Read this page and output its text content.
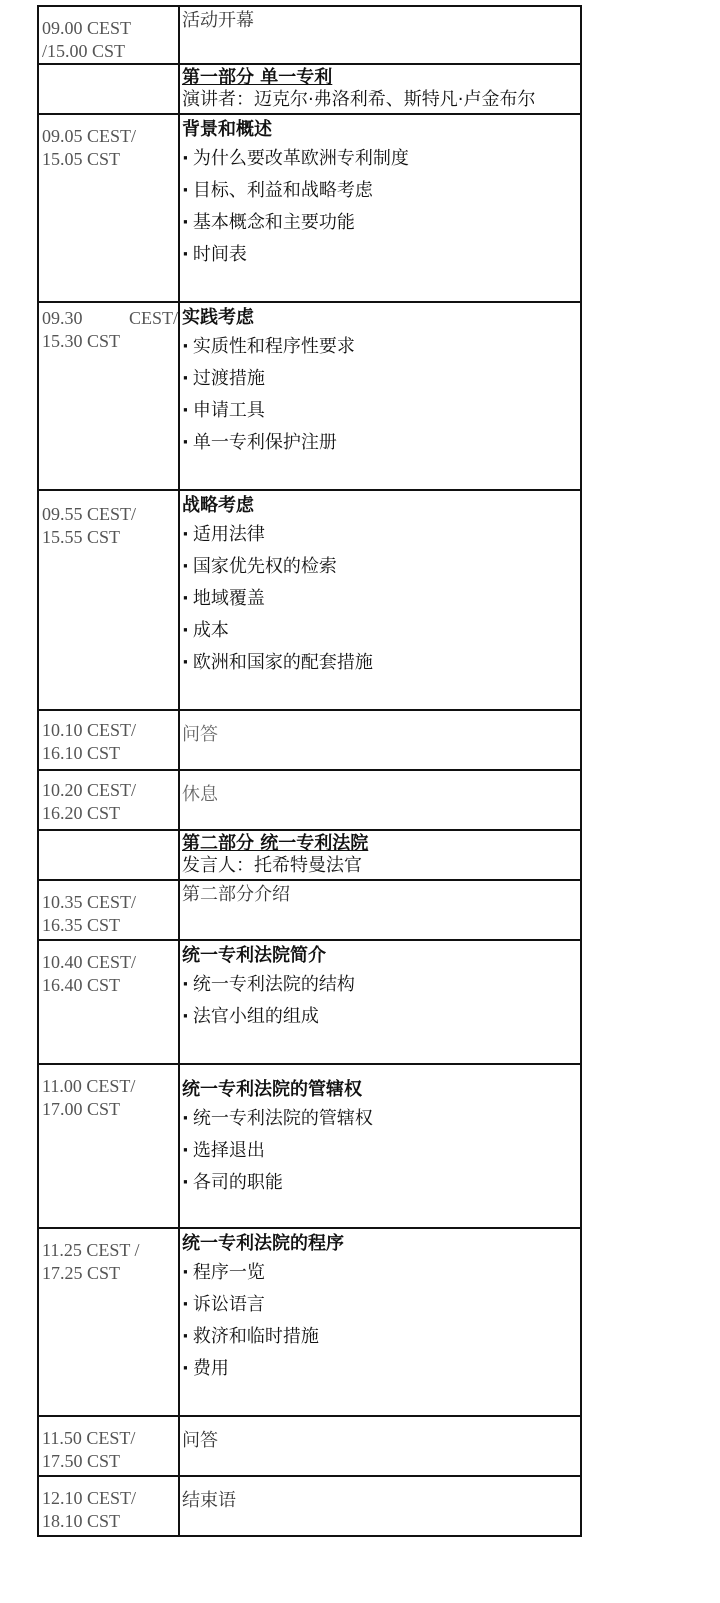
09.00 CEST
/15.00 CST
活动开幕
第一部分 单一专利
演讲者：迈克尔·弗洛利希、斯特凡·卢金布尔
09.05 CEST/
15.05 CST
背景和概述
· 为什么要改革欧洲专利制度
· 目标、利益和战略考虑
· 基本概念和主要功能
· 时间表
09.30	CEST/
15.30 CST
实践考虑
· 实质性和程序性要求
· 过渡措施
· 申请工具
· 单一专利保护注册
09.55 CEST/
15.55 CST
战略考虑
· 适用法律
· 国家优先权的检索
· 地域覆盖
· 成本
· 欧洲和国家的配套措施
10.10 CEST/
16.10 CST
问答
10.20 CEST/
16.20 CST
休息
第二部分 统一专利法院
发言人：托希特曼法官
10.35 CEST/
16.35 CST
第二部分介绍
10.40 CEST/
16.40 CST
统一专利法院简介
· 统一专利法院的结构
· 法官小组的组成
11.00 CEST/
17.00 CST
统一专利法院的管辖权
· 统一专利法院的管辖权
· 选择退出
· 各司的职能
11.25 CEST /
17.25 CST
统一专利法院的程序
· 程序一览
· 诉讼语言
· 救济和临时措施
· 费用
11.50 CEST/
17.50 CST
问答
12.10 CEST/
18.10 CST
结束语
